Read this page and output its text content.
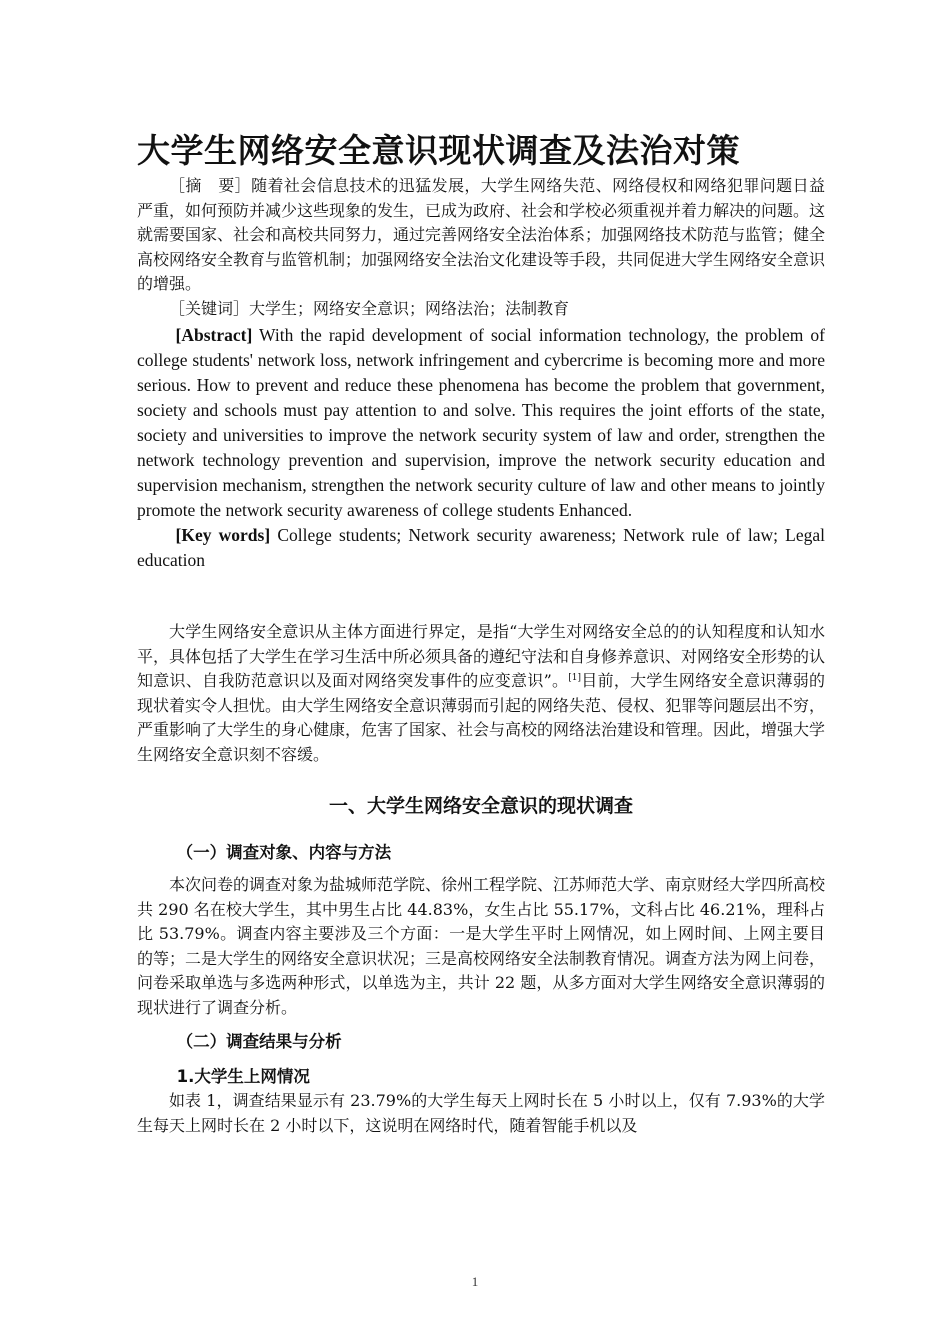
大学生网络安全意识现状调查及法治对策

［摘　要］随着社会信息技术的迅猛发展，大学生网络失范、网络侵权和网络犯罪问题日益严重，如何预防并减少这些现象的发生，已成为政府、社会和学校必须重视并着力解决的问题。这就需要国家、社会和高校共同努力，通过完善网络安全法治体系；加强网络技术防范与监管；健全高校网络安全教育与监管机制；加强网络安全法治文化建设等手段，共同促进大学生网络安全意识的增强。

［关键词］大学生；网络安全意识；网络法治；法制教育

[Abstract] With the rapid development of social information technology, the problem of college students' network loss, network infringement and cybercrime is becoming more and more serious. How to prevent and reduce these phenomena has become the problem that government, society and schools must pay attention to and solve. This requires the joint efforts of the state, society and universities to improve the network security system of law and order, strengthen the network technology prevention and supervision, improve the network security education and supervision mechanism, strengthen the network security culture of law and other means to jointly promote the network security awareness of college students Enhanced.

[Key words] College students; Network security awareness; Network rule of law; Legal education

大学生网络安全意识从主体方面进行界定，是指“大学生对网络安全总的的认知程度和认知水平，具体包括了大学生在学习生活中所必须具备的遵纪守法和自身修养意识、对网络安全形势的认知意识、自我防范意识以及面对网络突发事件的应变意识”。[1]目前，大学生网络安全意识薄弱的现状着实令人担忧。由大学生网络安全意识薄弱而引起的网络失范、侵权、犯罪等问题层出不穷，严重影响了大学生的身心健康，危害了国家、社会与高校的网络法治建设和管理。因此，增强大学生网络安全意识刻不容缓。

一、大学生网络安全意识的现状调查
（一）调查对象、内容与方法

本次问卷的调查对象为盐城师范学院、徐州工程学院、江苏师范大学、南京财经大学四所高校共 290 名在校大学生，其中男生占比 44.83%，女生占比 55.17%，文科占比 46.21%，理科占比 53.79%。调查内容主要涉及三个方面：一是大学生平时上网情况，如上网时间、上网主要目的等；二是大学生的网络安全意识状况；三是高校网络安全法制教育情况。调查方法为网上问卷，问卷采取单选与多选两种形式，以单选为主，共计 22 题，从多方面对大学生网络安全意识薄弱的现状进行了调查分析。

（二）调查结果与分析
1.大学生上网情况

如表 1，调查结果显示有 23.79%的大学生每天上网时长在 5 小时以上，仅有 7.93%的大学生每天上网时长在 2 小时以下，这说明在网络时代，随着智能手机以及

1
